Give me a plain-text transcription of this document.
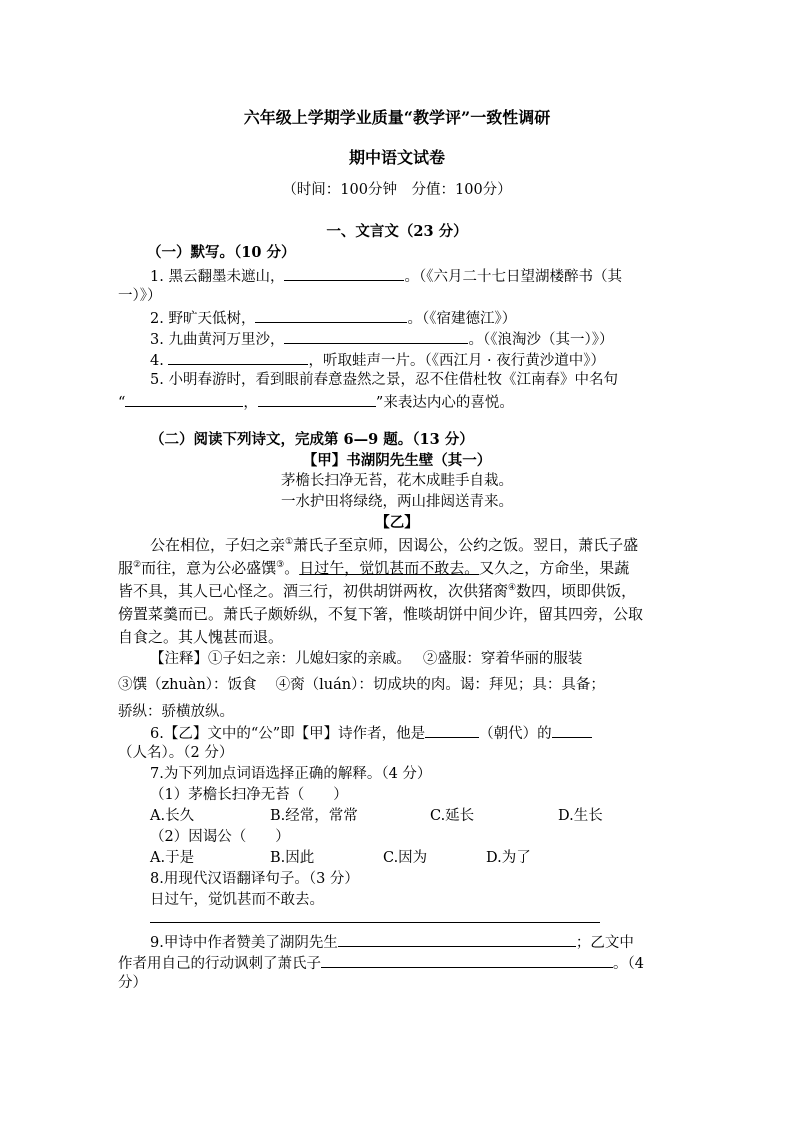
六年级上学期学业质量“教学评”一致性调研
期中语文试卷
（时间：100分钟　分值：100分）
一、文言文（23 分）
（一）默写。（10 分）
1. 黑云翻墨未遮山，	。（《六月二十七日望湖楼醉书（其
一）》）
2. 野旷天低树，	。（《宿建德江》）
3. 九曲黄河万里沙，	。（《浪淘沙（其一）》）
4.	，听取蛙声一片。（《西江月 · 夜行黄沙道中》）
5. 小明春游时，看到眼前春意盎然之景，忍不住借杜牧《江南春》中名句
“	，	”来表达内心的喜悦。
（二）阅读下列诗文，完成第 6—9 题。（13 分）
【甲】书湖阴先生壁（其一）
茅檐长扫净无苔，花木成畦手自栽。
一水护田将绿绕，两山排闼送青来。
【乙】
公在相位，子妇之亲①萧氏子至京师，因谒公，公约之饭。翌日，萧氏子盛
服②而往，意为公必盛馔③。日过午，觉饥甚而不敢去。又久之，方命坐，果蔬
皆不具，其人已心怪之。酒三行，初供胡饼两枚，次供猪脔④数四，顷即供饭，
傍置菜羹而已。萧氏子颇娇纵，不复下箸，惟啖胡饼中间少许，留其四旁，公取
自食之。其人愧甚而退。
【注释】①子妇之亲：儿媳妇家的亲戚。　 ②盛服：穿着华丽的服装
③馔（zhuàn）：饭食　 ④脔（luán）：切成块的肉。谒：拜见；具：具备；
骄纵：骄横放纵。
6.【乙】文中的“公”即【甲】诗作者，他是	（朝代）的
（人名）。（2 分）
7.为下列加点词语选择正确的解释。（4 分）
（1）茅檐长扫净无苔（　　）
A.长久	B.经常，常常	C.延长	D.生长
（2）因谒公（　　）
A.于是	B.因此	C.因为	D.为了
8.用现代汉语翻译句子。（3 分）
日过午，觉饥甚而不敢去。
9.甲诗中作者赞美了湖阴先生	；乙文中
作者用自己的行动讽刺了萧氏子	。（4
分）
